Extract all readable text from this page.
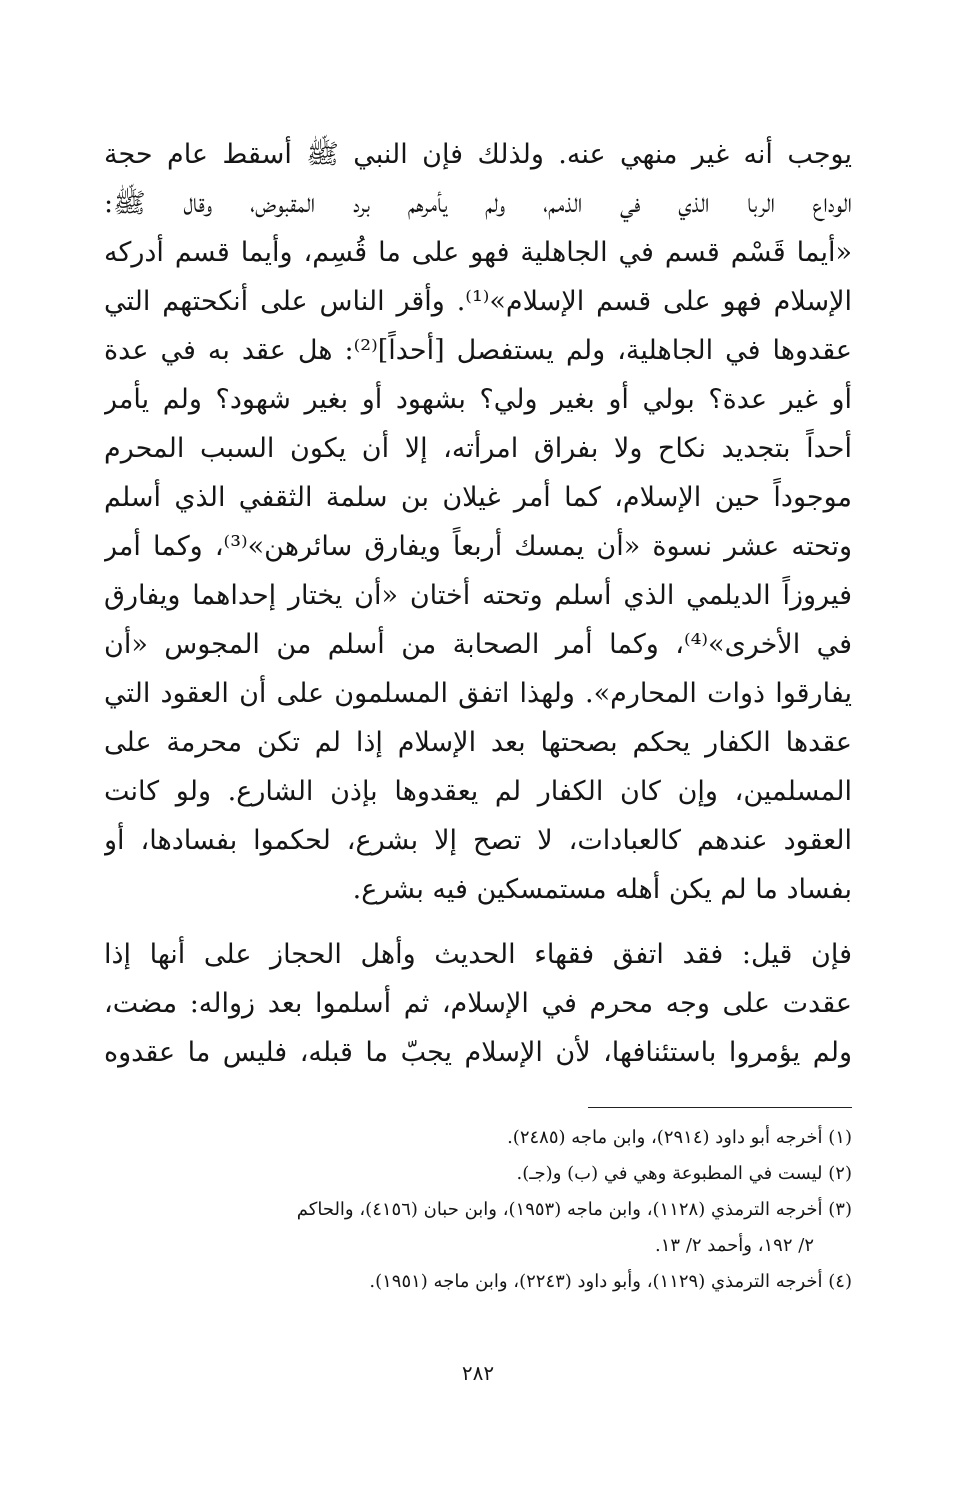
يوجب أنه غير منهي عنه. ولذلك فإن النبي ﷺ أسقط عام حجة
الوداع الربا الذي في الذمم، ولم يأمرهم برد المقبوض، وقال ﷺ:
«أيما قَسْم قسم في الجاهلية فهو على ما قُسِم، وأيما قسم أدركه
الإسلام فهو على قسم الإسلام»⁽¹⁾. وأقر الناس على أنكحتهم التي
عقدوها في الجاهلية، ولم يستفصل [أحداً]⁽²⁾: هل عقد به في عدة
أو غير عدة؟ بولي أو بغير ولي؟ بشهود أو بغير شهود؟ ولم يأمر
أحداً بتجديد نكاح ولا بفراق امرأته، إلا أن يكون السبب المحرم
موجوداً حين الإسلام، كما أمر غيلان بن سلمة الثقفي الذي أسلم
وتحته عشر نسوة «أن يمسك أربعاً ويفارق سائرهن»⁽³⁾، وكما أمر
فيروزاً الديلمي الذي أسلم وتحته أختان «أن يختار إحداهما ويفارق
في الأخرى»⁽⁴⁾، وكما أمر الصحابة من أسلم من المجوس «أن
يفارقوا ذوات المحارم». ولهذا اتفق المسلمون على أن العقود التي
عقدها الكفار يحكم بصحتها بعد الإسلام إذا لم تكن محرمة على
المسلمين، وإن كان الكفار لم يعقدوها بإذن الشارع. ولو كانت
العقود عندهم كالعبادات، لا تصح إلا بشرع، لحكموا بفسادها، أو
بفساد ما لم يكن أهله مستمسكين فيه بشرع.
فإن قيل: فقد اتفق فقهاء الحديث وأهل الحجاز على أنها إذا
عقدت على وجه محرم في الإسلام، ثم أسلموا بعد زواله: مضت،
ولم يؤمروا باستئنافها، لأن الإسلام يجبّ ما قبله، فليس ما عقدوه
(١) أخرجه أبو داود (٢٩١٤)، وابن ماجه (٢٤٨٥).
(٢) ليست في المطبوعة وهي في (ب) و(جـ).
(٣) أخرجه الترمذي (١١٢٨)، وابن ماجه (١٩٥٣)، وابن حبان (٤١٥٦)، والحاكم
٢/ ١٩٢، وأحمد ٢/ ١٣.
(٤) أخرجه الترمذي (١١٢٩)، وأبو داود (٢٢٤٣)، وابن ماجه (١٩٥١).
٢٨٢
